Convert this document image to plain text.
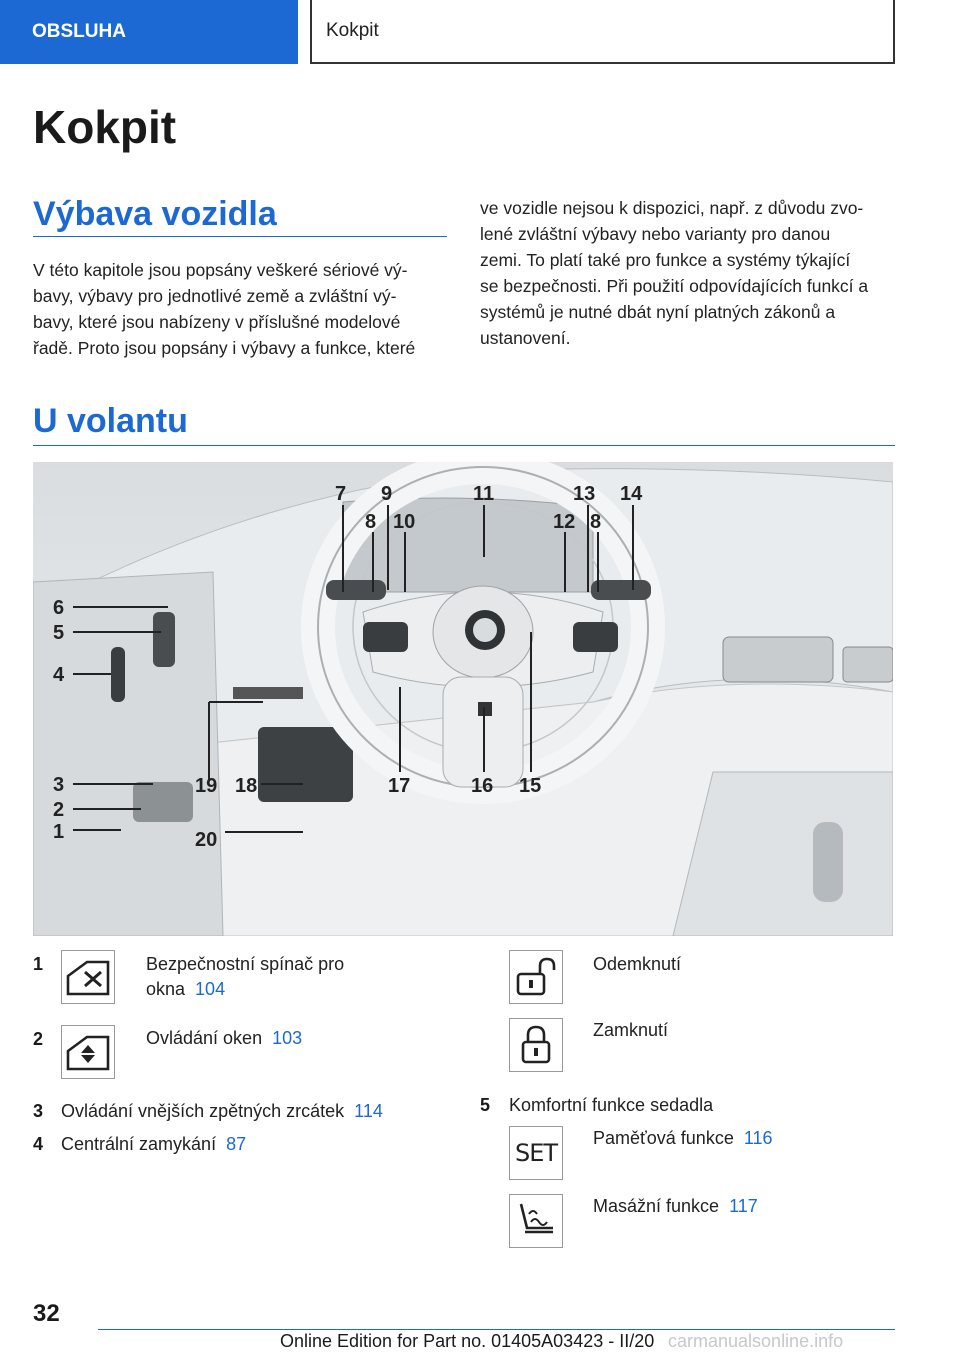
OBSLUHA	Kokpit
Kokpit
Výbava vozidla
V této kapitole jsou popsány veškeré sériové vý-
bavy, výbavy pro jednotlivé země a zvláštní vý-
bavy, které jsou nabízeny v příslušné modelové
řadě. Proto jsou popsány i výbavy a funkce, které
ve vozidle nejsou k dispozici, např. z důvodu zvo-
lené zvláštní výbavy nebo varianty pro danou
zemi. To platí také pro funkce a systémy týkající
se bezpečnosti. Při použití odpovídajících funkcí a
systémů je nutné dbát nyní platných zákonů a
ustanovení.
U volantu
7 9	11	13 14
8 10	12 8
6
5
4
3
2
1
19 18	17	16 15
20
1	Bezpečnostní spínač pro
okna 104
2	Ovládání oken 103
3 Ovládání vnějších zpětných zrcátek 114
4 Centrální zamykání 87
Odemknutí
Zamknutí
5 Komfortní funkce sedadla
SET
Paměťová funkce 116
Masážní funkce 117
32
Online Edition for Part no. 01405A03423 - II/20 carmanualsonline.info
